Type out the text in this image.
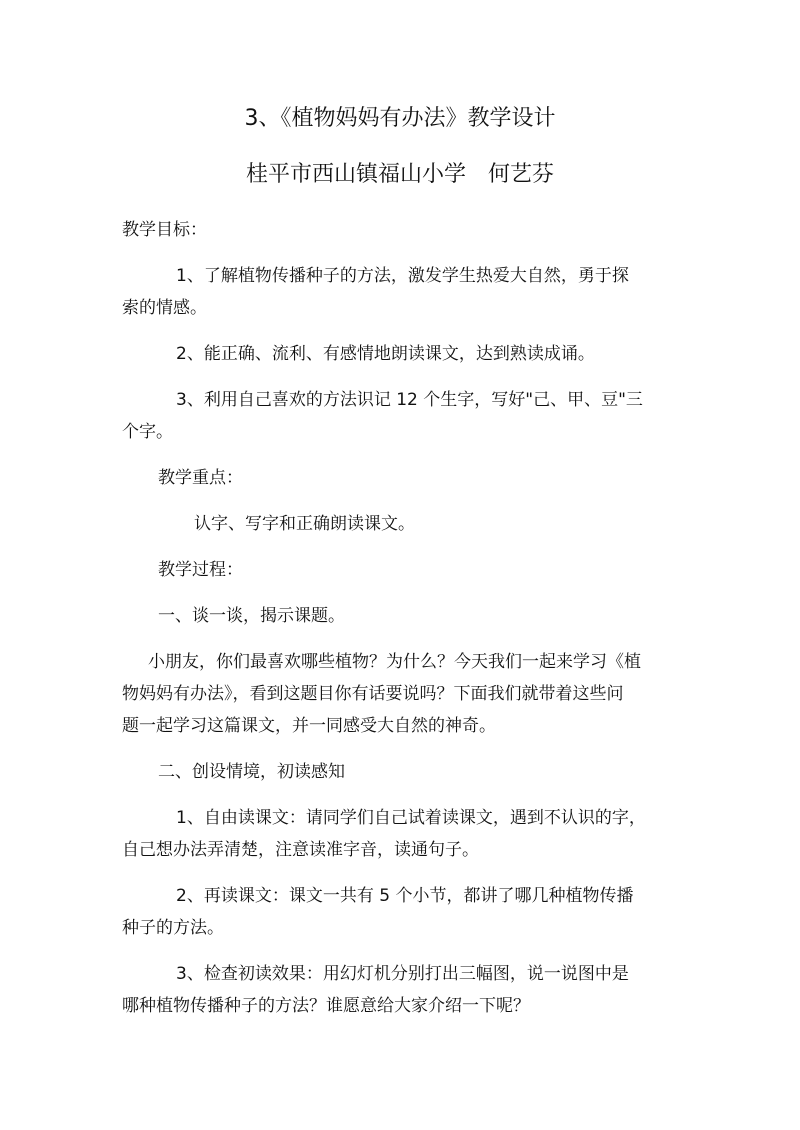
3、《植物妈妈有办法》教学设计
桂平市西山镇福山小学　何艺芬
教学目标：
1、了解植物传播种子的方法，激发学生热爱大自然，勇于探
索的情感。
2、能正确、流利、有感情地朗读课文，达到熟读成诵。
3、利用自己喜欢的方法识记 12 个生字，写好"己、甲、豆"三
个字。
教学重点：
认字、写字和正确朗读课文。
教学过程：
一、谈一谈，揭示课题。
小朋友，你们最喜欢哪些植物？为什么？今天我们一起来学习《植
物妈妈有办法》，看到这题目你有话要说吗？下面我们就带着这些问
题一起学习这篇课文，并一同感受大自然的神奇。
二、创设情境，初读感知
1、自由读课文：请同学们自己试着读课文，遇到不认识的字，
自己想办法弄清楚，注意读准字音，读通句子。
2、再读课文：课文一共有 5 个小节，都讲了哪几种植物传播
种子的方法。
3、检查初读效果：用幻灯机分别打出三幅图，说一说图中是
哪种植物传播种子的方法？谁愿意给大家介绍一下呢？
